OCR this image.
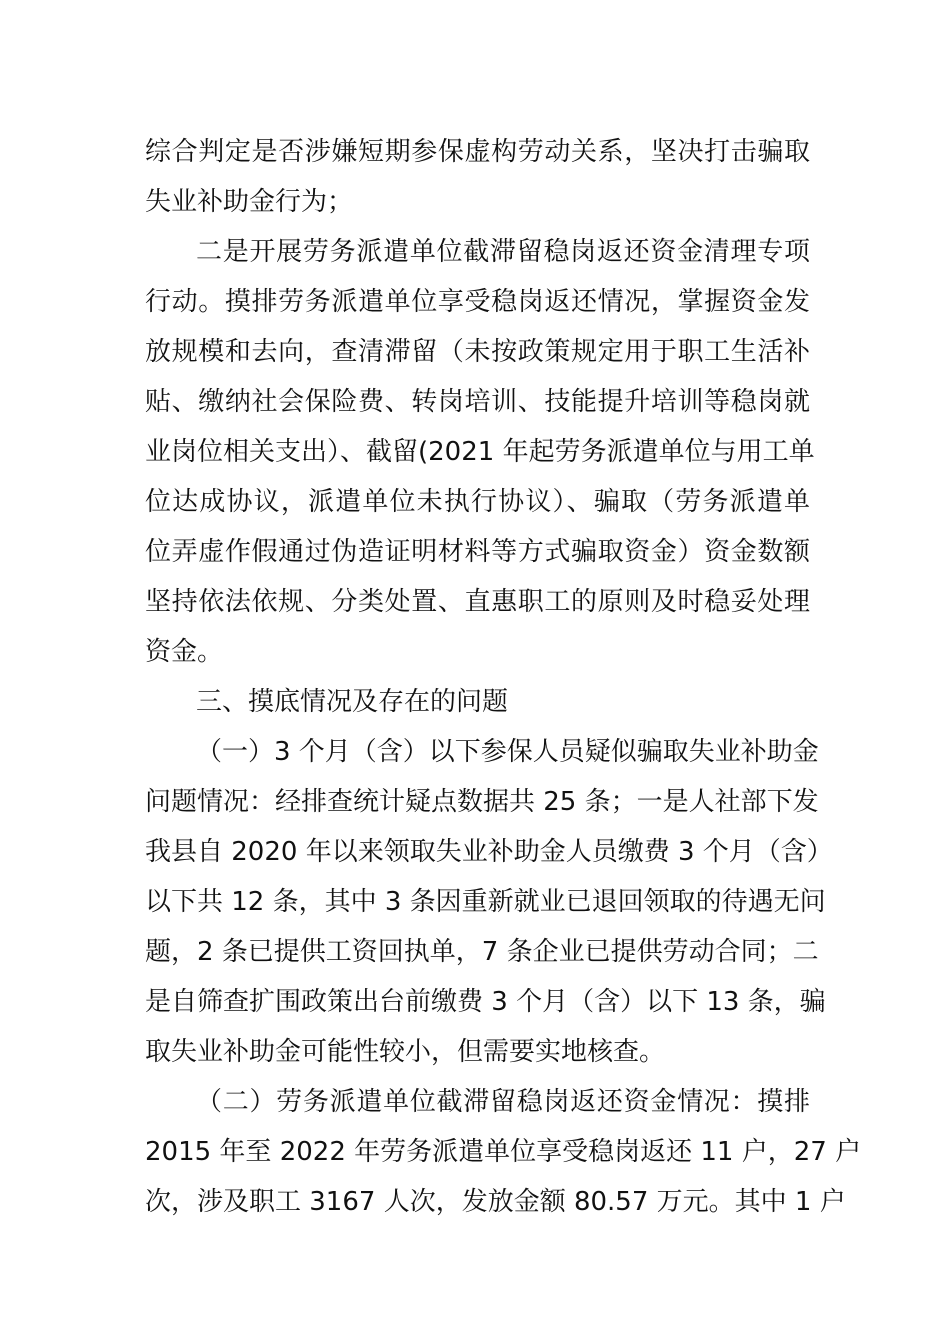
综合判定是否涉嫌短期参保虚构劳动关系，坚决打击骗取
失业补助金行为；
二是开展劳务派遣单位截滞留稳岗返还资金清理专项
行动。摸排劳务派遣单位享受稳岗返还情况，掌握资金发
放规模和去向，查清滞留（未按政策规定用于职工生活补
贴、缴纳社会保险费、转岗培训、技能提升培训等稳岗就
业岗位相关支出）、截留(2021 年起劳务派遣单位与用工单
位达成协议，派遣单位未执行协议）、骗取（劳务派遣单
位弄虚作假通过伪造证明材料等方式骗取资金）资金数额
坚持依法依规、分类处置、直惠职工的原则及时稳妥处理
资金。
三、摸底情况及存在的问题
（一）3 个月（含）以下参保人员疑似骗取失业补助金
问题情况：经排查统计疑点数据共 25 条；一是人社部下发
我县自 2020 年以来领取失业补助金人员缴费 3 个月（含）
以下共 12 条，其中 3 条因重新就业已退回领取的待遇无问
题，2 条已提供工资回执单，7 条企业已提供劳动合同；二
是自筛查扩围政策出台前缴费 3 个月（含）以下 13 条，骗
取失业补助金可能性较小，但需要实地核查。
（二）劳务派遣单位截滞留稳岗返还资金情况：摸排
2015 年至 2022 年劳务派遣单位享受稳岗返还 11 户，27 户
次，涉及职工 3167 人次，发放金额 80.57 万元。其中 1 户
